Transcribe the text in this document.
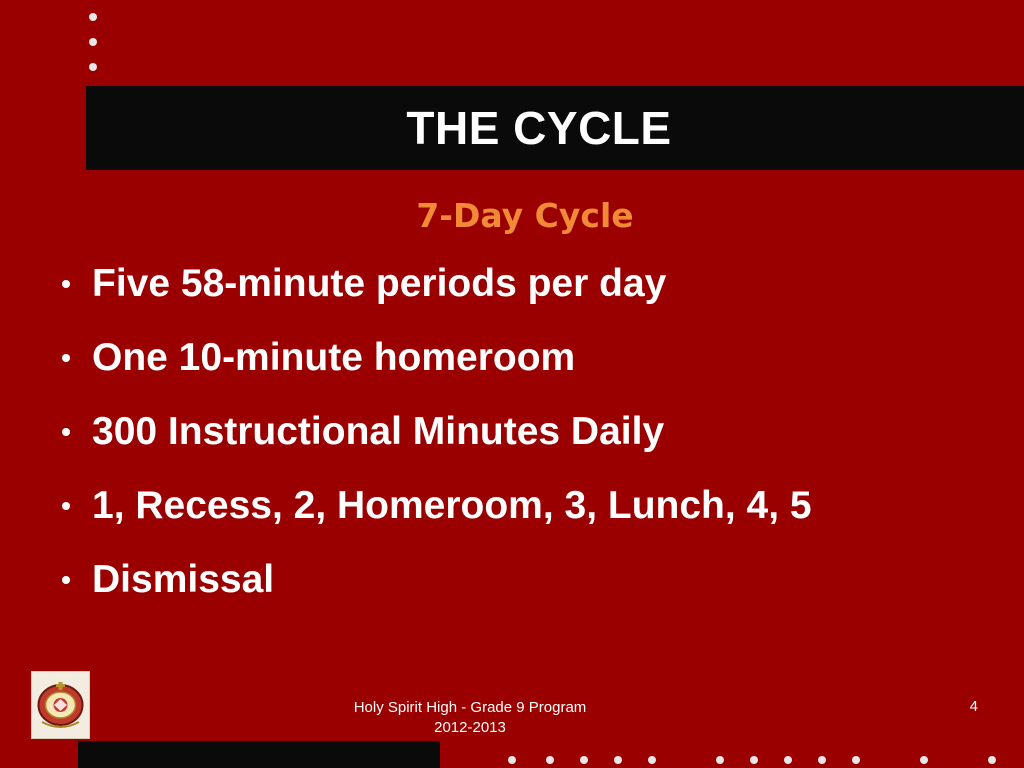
THE CYCLE
7-Day Cycle
• Five 58-minute periods per day
• One 10-minute homeroom
• 300 Instructional Minutes Daily
• 1, Recess, 2, Homeroom, 3, Lunch, 4, 5
• Dismissal
Holy Spirit High - Grade 9 Program
2012-2013
4
